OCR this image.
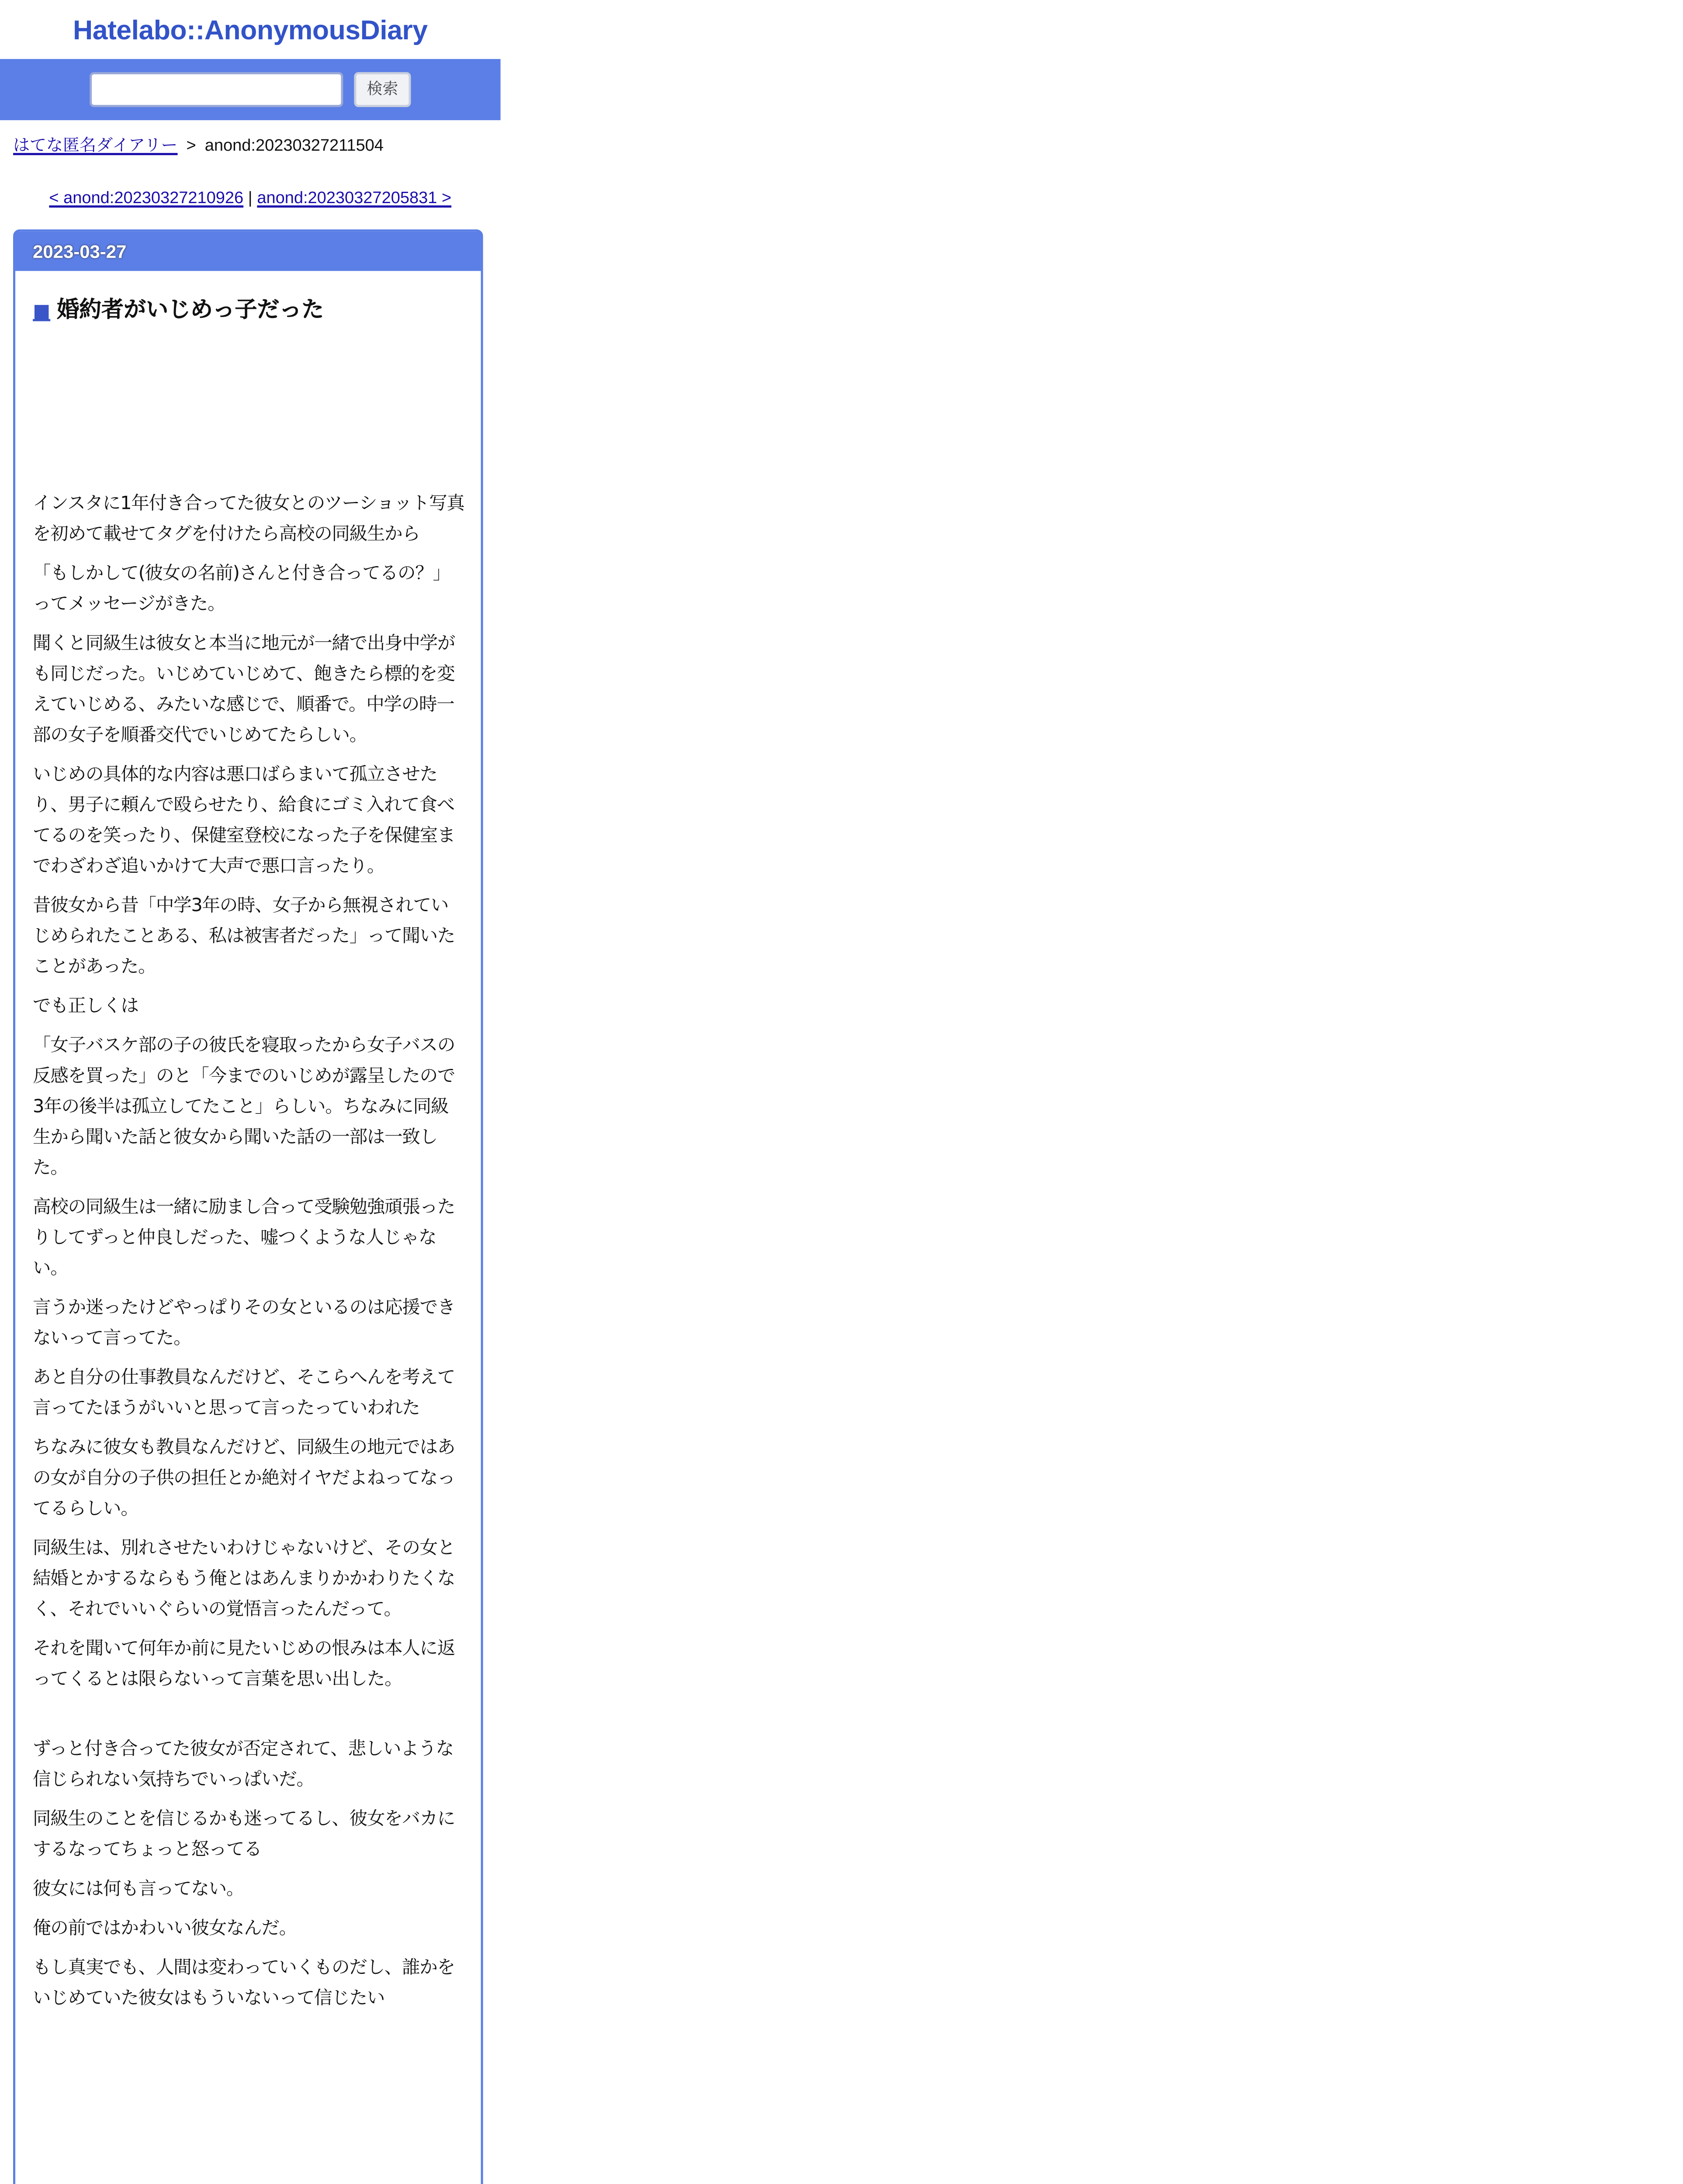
Hatelabo::AnonymousDiary
検索
はてな匿名ダイアリー	>	anond:20230327211504
< anond:20230327210926 | anond:20230327205831 >
2023-03-27
■ 婚約者がいじめっ子だった

インスタに1年付き合ってた彼女とのツーショット写真を初めて載せてタグを付けたら高校の同級生から

「もしかして(彼女の名前)さんと付き合ってるの？」ってメッセージがきた。

聞くと同級生は彼女と本当に地元が一緒で出身中学がも同じだった。いじめていじめて、飽きたら標的を変えていじめる、みたいな感じで、順番で。中学の時一部の女子を順番交代でいじめてたらしい。

いじめの具体的な内容は悪口ばらまいて孤立させたり、男子に頼んで殴らせたり、給食にゴミ入れて食べてるのを笑ったり、保健室登校になった子を保健室までわざわざ追いかけて大声で悪口言ったり。

昔彼女から昔「中学3年の時、女子から無視されていじめられたことある、私は被害者だった」って聞いたことがあった。

でも正しくは

「女子バスケ部の子の彼氏を寝取ったから女子バスの反感を買った」のと「今までのいじめが露呈したので3年の後半は孤立してたこと」らしい。ちなみに同級生から聞いた話と彼女から聞いた話の一部は一致した。

高校の同級生は一緒に励まし合って受験勉強頑張ったりしてずっと仲良しだった、嘘つくような人じゃない。

言うか迷ったけどやっぱりその女といるのは応援できないって言ってた。

あと自分の仕事教員なんだけど、そこらへんを考えて言ってたほうがいいと思って言ったっていわれた

ちなみに彼女も教員なんだけど、同級生の地元ではあの女が自分の子供の担任とか絶対イヤだよねってなってるらしい。

同級生は、別れさせたいわけじゃないけど、その女と結婚とかするならもう俺とはあんまりかかわりたくなく、それでいいぐらいの覚悟言ったんだって。

それを聞いて何年か前に見たいじめの恨みは本人に返ってくるとは限らないって言葉を思い出した。

ずっと付き合ってた彼女が否定されて、悲しいような信じられない気持ちでいっぱいだ。

同級生のことを信じるかも迷ってるし、彼女をバカにするなってちょっと怒ってる

彼女には何も言ってない。

俺の前ではかわいい彼女なんだ。

もし真実でも、人間は変わっていくものだし、誰かをいじめていた彼女はもういないって信じたい
